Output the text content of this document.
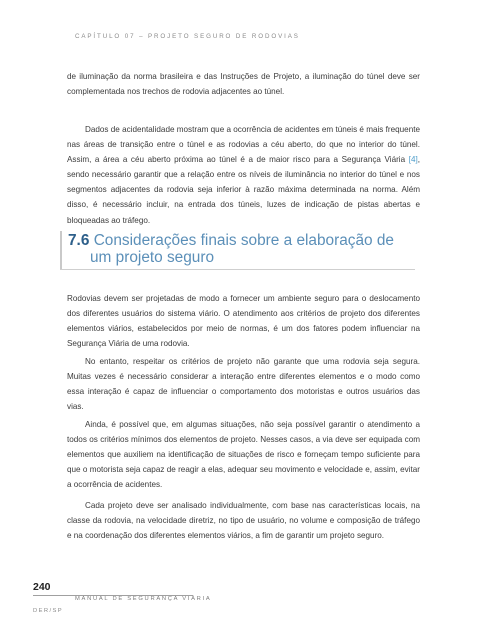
CAPÍTULO 07 – PROJETO SEGURO DE RODOVIAS

de iluminação da norma brasileira e das Instruções de Projeto, a iluminação do túnel deve ser complementada nos trechos de rodovia adjacentes ao túnel.

Dados de acidentalidade mostram que a ocorrência de acidentes em túneis é mais frequente nas áreas de transição entre o túnel e as rodovias a céu aberto, do que no interior do túnel. Assim, a área a céu aberto próxima ao túnel é a de maior risco para a Segurança Viária [4], sendo necessário garantir que a relação entre os níveis de iluminância no interior do túnel e nos segmentos adjacentes da rodovia seja inferior à razão máxima determinada na norma. Além disso, é necessário incluir, na entrada dos túneis, luzes de indicação de pistas abertas e bloqueadas ao tráfego.

7.6 Considerações finais sobre a elaboração de
um projeto seguro

Rodovias devem ser projetadas de modo a fornecer um ambiente seguro para o deslocamento dos diferentes usuários do sistema viário. O atendimento aos critérios de projeto dos diferentes elementos viários, estabelecidos por meio de normas, é um dos fatores podem influenciar na Segurança Viária de uma rodovia.

No entanto, respeitar os critérios de projeto não garante que uma rodovia seja segura. Muitas vezes é necessário considerar a interação entre diferentes elementos e o modo como essa interação é capaz de influenciar o comportamento dos motoristas e outros usuários das vias.

Ainda, é possível que, em algumas situações, não seja possível garantir o atendimento a todos os critérios mínimos dos elementos de projeto. Nesses casos, a via deve ser equipada com elementos que auxiliem na identificação de situações de risco e forneçam tempo suficiente para que o motorista seja capaz de reagir a elas, adequar seu movimento e velocidade e, assim, evitar a ocorrência de acidentes.

Cada projeto deve ser analisado individualmente, com base nas características locais, na classe da rodovia, na velocidade diretriz, no tipo de usuário, no volume e composição de tráfego e na coordenação dos diferentes elementos viários, a fim de garantir um projeto seguro.

240
MANUAL DE SEGURANÇA VIÁRIA
DER/SP
